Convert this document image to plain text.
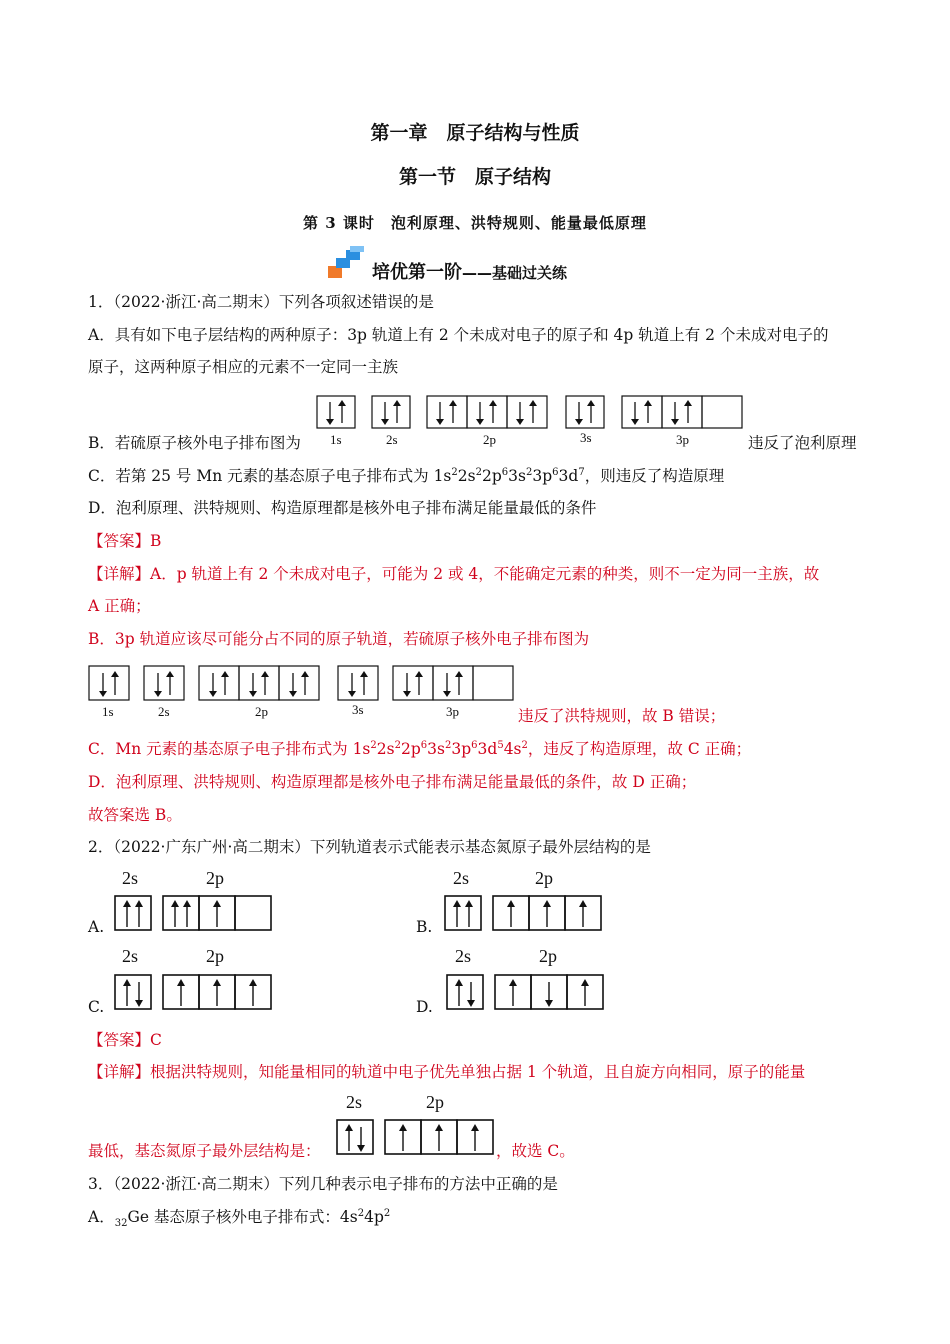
第一章　原子结构与性质
第一节　原子结构
第 3 课时　泡利原理、洪特规则、能量最低原理
培优第一阶——基础过关练
1．（2022·浙江·高二期末）下列各项叙述错误的是
A．具有如下电子层结构的两种原子：3p 轨道上有 2 个未成对电子的原子和 4p 轨道上有 2 个未成对电子的
原子，这两种原子相应的元素不一定同一主族
B．若硫原子核外电子排布图为 1s	2s	2p	3s	3p	违反了泡利原理
C．若第 25 号 Mn 元素的基态原子电子排布式为 $1s^22s^22p^63s^23p^63d^7$，则违反了构造原理
D．泡利原理、洪特规则、构造原理都是核外电子排布满足能量最低的条件
【答案】B
【详解】A．p 轨道上有 2 个未成对电子，可能为 2 或 4，不能确定元素的种类，则不一定为同一主族，故
A 正确；
B．3p 轨道应该尽可能分占不同的原子轨道，若硫原子核外电子排布图为
1s	2s	2p	3s	3p	违反了洪特规则，故 B 错误；
C．Mn 元素的基态原子电子排布式为 $1s^22s^22p^63s^23p^63d^54s^2$，违反了构造原理，故 C 正确；
D．泡利原理、洪特规则、构造原理都是核外电子排布满足能量最低的条件，故 D 正确；
故答案选 B。
2．（2022·广东广州·高二期末）下列轨道表示式能表示基态氮原子最外层结构的是
2s	2p
A.
2s	2p
B.
2s	2p
C.
2s	2p
D.
【答案】C
【详解】根据洪特规则，知能量相同的轨道中电子优先单独占据 1 个轨道，且自旋方向相同，原子的能量
2s	2p
最低，基态氮原子最外层结构是：	，故选 C。
3．（2022·浙江·高二期末）下列几种表示电子排布的方法中正确的是
A．$_{32}$Ge 基态原子核外电子排布式：$4s^24p^2$
